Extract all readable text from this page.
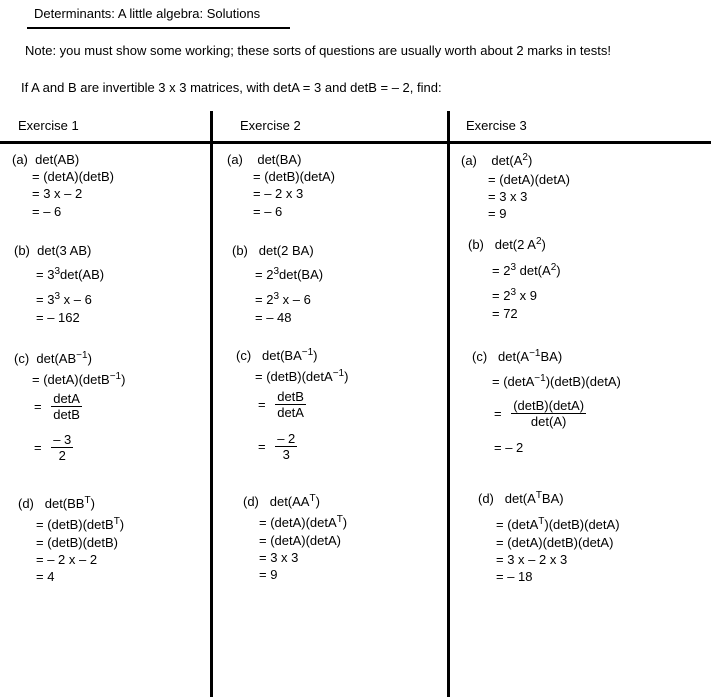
Determinants: A little algebra: Solutions
Note: you must show some working; these sorts of questions are usually worth about 2 marks in tests!
If A and B are invertible 3 x 3 matrices, with detA = 3 and detB = – 2, find:
Exercise 1	Exercise 2	Exercise 3
(a) det(AB)
= (detA)(detB)
= 3 x – 2
= – 6
(b) det(3 AB)
= $3^3\det(AB)$
= $3^3$ x – 6
= – 162
(c) $\det(AB^{-1})$
= (detA)(detB$^{-1}$)
= $\frac{\det A}{\det B}$
= $\frac{- 3}{2}$
(d) $\det(BB^T)$
= (detB)(detB$^T$)
= (detB)(detB)
= – 2 x – 2
= 4
(a) det(BA)
= (detB)(detA)
= – 2 x 3
= – 6
(b) det(2 BA)
= $2^3\det(BA)$
= $2^3$ x – 6
= – 48
(c) $\det(BA^{-1})$
= (detB)(detA$^{-1}$)
= $\frac{\det B}{\det A}$
= $\frac{- 2}{3}$
(d) $\det(AA^T)$
= (detA)(detA$^T$)
= (detA)(detA)
= 3 x 3
= 9
(a) $\det(A^2)$
= (detA)(detA)
= 3 x 3
= 9
(b) det(2 $A^2$)
= $2^3$ $\det(A^2)$
= $2^3$ x 9
= 72
(c) $\det(A^{-1}BA)$
= (detA$^{-1}$)(detB)(detA)
= $\frac{(\det B)(\det A)}{\det(A)}$
= – 2
(d) $\det(A^TBA)$
= (detA$^T$)(detB)(detA)
= (detA)(detB)(detA)
= 3 x – 2 x 3
= – 18
